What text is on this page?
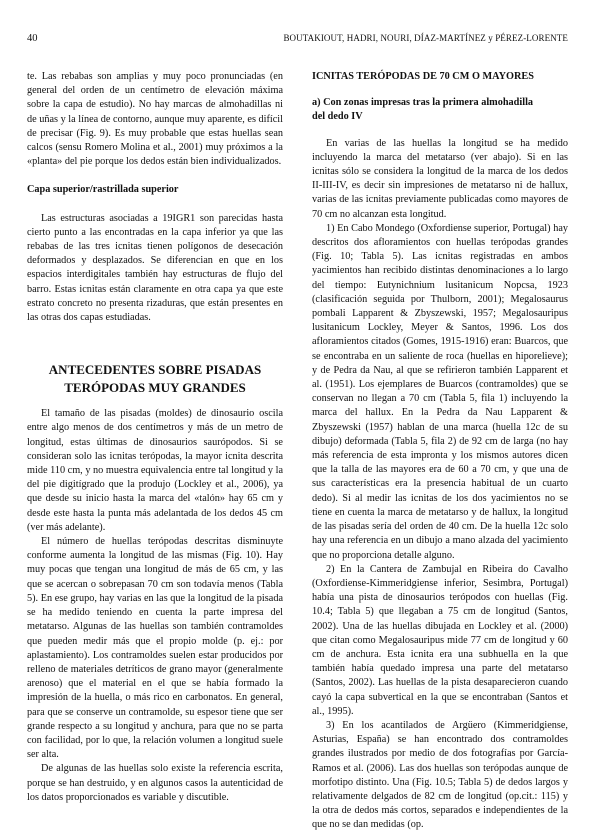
40	BOUTAKIOUT, HADRI, NOURI, DÍAZ-MARTÍNEZ y PÉREZ-LORENTE

te. Las rebabas son amplias y muy poco pronunciadas (en general del orden de un centímetro de elevación máxima sobre la capa de estudio). No hay marcas de almohadillas ni de uñas y la línea de contorno, aunque muy aparente, es difícil de precisar (Fig. 9). Es muy probable que estas huellas sean calcos (sensu Romero Molina et al., 2001) muy próximos a la «planta» del pie porque los dedos están bien individualizados.

Capa superior/rastrillada superior

Las estructuras asociadas a 19IGR1 son parecidas hasta cierto punto a las encontradas en la capa inferior ya que las rebabas de las tres icnitas tienen polígonos de desecación deformados y desplazados. Se diferencian en que en los espacios interdigitales también hay estructuras de flujo del barro. Estas icnitas están claramente en otra capa ya que este estrato concreto no presenta rizaduras, que están presentes en las otras dos capas estudiadas.

ANTECEDENTES SOBRE PISADAS
TERÓPODAS MUY GRANDES

El tamaño de las pisadas (moldes) de dinosaurio oscila entre algo menos de dos centímetros y más de un metro de longitud, estas últimas de dinosaurios saurópodos. Si se consideran solo las icnitas terópodas, la mayor icnita descrita mide 110 cm, y no muestra equivalencia entre tal longitud y la del pie digitígrado que la produjo (Lockley et al., 2006), ya que desde su inicio hasta la marca del «talón» hay 65 cm y desde este hasta la punta más adelantada de los dedos 45 cm (ver más adelante).

El número de huellas terópodas descritas disminuyte conforme aumenta la longitud de las mismas (Fig. 10). Hay muy pocas que tengan una longitud de más de 65 cm, y las que se acercan o sobrepasan 70 cm son todavía menos (Tabla 5). En ese grupo, hay varias en las que la longitud de la pisada se ha medido teniendo en cuenta la parte impresa del metatarso. Algunas de las huellas son también contramoldes que pueden medir más que el propio molde (p. ej.: por aplastamiento). Los contramoldes suelen estar producidos por relleno de materiales detríticos de grano mayor (generalmente arenoso) que el material en el que se había formado la impresión de la huella, o más rico en carbonatos. En general, para que se conserve un contramolde, su espesor tiene que ser grande respecto a su longitud y anchura, para que no se parta con facilidad, por lo que, la relación volumen a longitud suele ser alta.

De algunas de las huellas solo existe la referencia escrita, porque se han destruido, y en algunos casos la autenticidad de los datos proporcionados es variable y discutible.

ICNITAS TERÓPODAS DE 70 CM O MAYORES
a) Con zonas impresas tras la primera almohadilla
del dedo IV

En varias de las huellas la longitud se ha medido incluyendo la marca del metatarso (ver abajo). Si en las icnitas sólo se considera la longitud de la marca de los dedos II-III-IV, es decir sin impresiones de metatarso ni de hallux, varias de las icnitas previamente publicadas como mayores de 70 cm no alcanzan esta longitud.

1) En Cabo Mondego (Oxfordiense superior, Portugal) hay descritos dos afloramientos con huellas terópodas grandes (Fig. 10; Tabla 5). Las icnitas registradas en ambos yacimientos han recibido distintas denominaciones a lo largo del tiempo: Eutynichnium lusitanicum Nopcsa, 1923 (clasificación seguida por Thulborn, 2001); Megalosaurus pombali Lapparent & Zbyszewski, 1957; Megalosauripus lusitanicum Lockley, Meyer & Santos, 1996. Los dos afloramientos citados (Gomes, 1915-1916) eran: Buarcos, que se encontraba en un saliente de roca (huellas en hiporelieve); y de Pedra da Nau, al que se refirieron también Lapparent et al. (1951). Los ejemplares de Buarcos (contramoldes) que se conservan no llegan a 70 cm (Tabla 5, fila 1) incluyendo la marca del hallux. En la Pedra da Nau Lapparent & Zbyszewski (1957) hablan de una marca (huella 12c de su dibujo) deformada (Tabla 5, fila 2) de 92 cm de larga (no hay más referencia de esta impronta y los mismos autores dicen que la talla de las mayores era de 60 a 70 cm, y que una de sus características era la presencia habitual de un cuarto dedo). Si al medir las icnitas de los dos yacimientos no se tiene en cuenta la marca de metatarso y de hallux, la longitud de las pisadas sería del orden de 40 cm. De la huella 12c solo hay una referencia en un dibujo a mano alzada del yacimiento que no proporciona detalle alguno.

2) En la Cantera de Zambujal en Ribeira do Cavalho (Oxfordiense-Kimmeridgiense inferior, Sesimbra, Portugal) había una pista de dinosaurios terópodos con huellas (Fig. 10.4; Tabla 5) que llegaban a 75 cm de longitud (Santos, 2002). Una de las huellas dibujada en Lockley et al. (2000) que citan como Megalosauripus mide 77 cm de longitud y 60 cm de anchura. Esta icnita era una subhuella en la que también había quedado impresa una parte del metatarso (Santos, 2002). Las huellas de la pista desaparecieron cuando cayó la capa subvertical en la que se encontraban (Santos et al., 1995).

3) En los acantilados de Argüero (Kimmeridgiense, Asturias, España) se han encontrado dos contramoldes grandes ilustrados por medio de dos fotografías por García-Ramos et al. (2006). Las dos huellas son terópodas aunque de morfotipo distinto. Una (Fig. 10.5; Tabla 5) de dedos largos y relativamente delgados de 82 cm de longitud (op.cit.: 115) y la otra de dedos más cortos, separados e independientes de la que no se dan medidas (op.
